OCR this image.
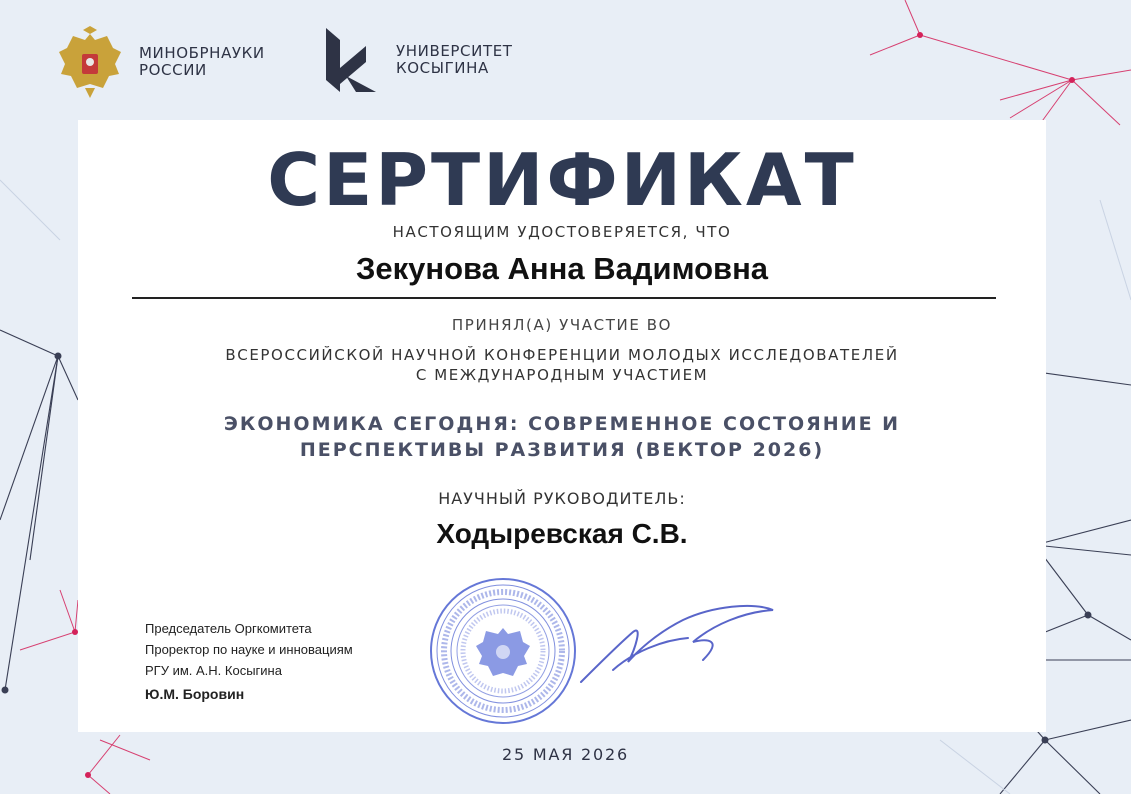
МИНОБРНАУКИ
РОССИИ
УНИВЕРСИТЕТ
КОСЫГИНА
СЕРТИФИКАТ
НАСТОЯЩИМ УДОСТОВЕРЯЕТСЯ, ЧТО
Зекунова Анна Вадимовна
ПРИНЯЛ(А) УЧАСТИЕ ВО
ВСЕРОССИЙСКОЙ НАУЧНОЙ КОНФЕРЕНЦИИ МОЛОДЫХ ИССЛЕДОВАТЕЛЕЙ
С МЕЖДУНАРОДНЫМ УЧАСТИЕМ
ЭКОНОМИКА СЕГОДНЯ: СОВРЕМЕННОЕ СОСТОЯНИЕ И
ПЕРСПЕКТИВЫ РАЗВИТИЯ (ВЕКТОР 2026)
НАУЧНЫЙ РУКОВОДИТЕЛЬ:
Ходыревская С.В.
Председатель Оргкомитета
Проректор по науке и инновациям
РГУ им. А.Н. Косыгина
Ю.М. Боровин
25 МАЯ 2026
